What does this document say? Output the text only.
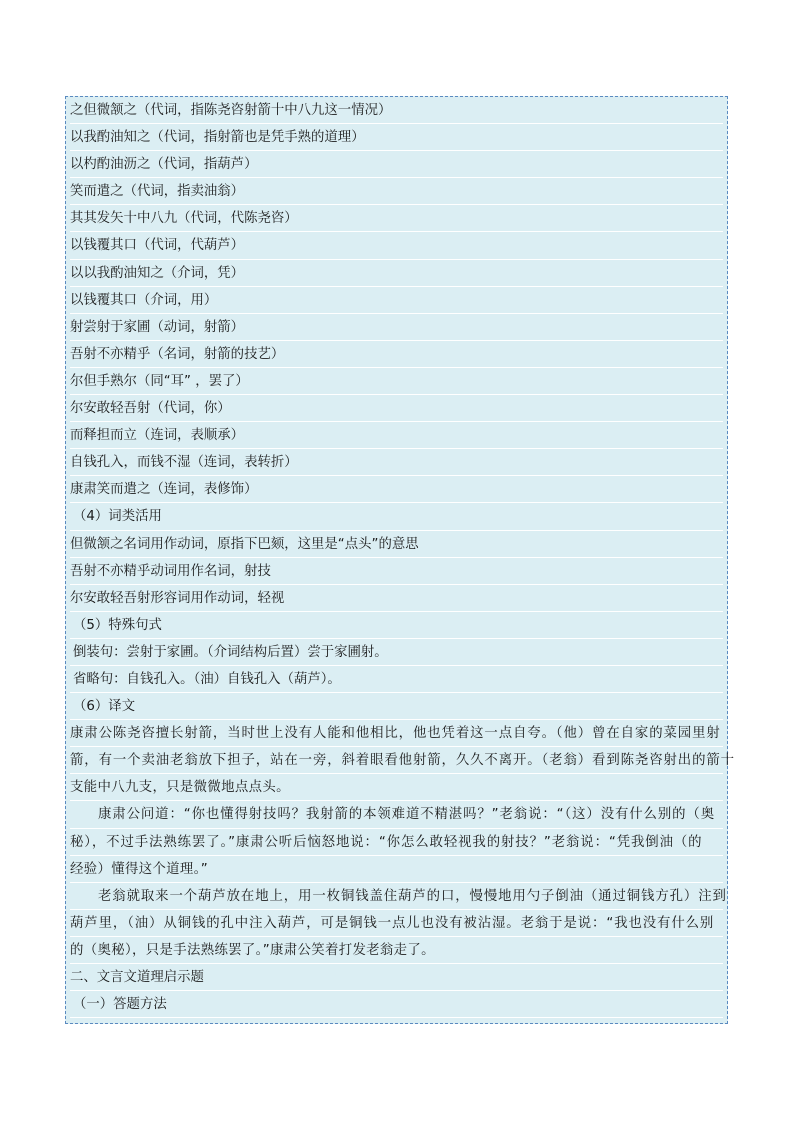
之但微颔之（代词，指陈尧咨射箭十中八九这一情况）
以我酌油知之（代词，指射箭也是凭手熟的道理）
以杓酌油沥之（代词，指葫芦）
笑而遣之（代词，指卖油翁）
其其发矢十中八九（代词，代陈尧咨）
以钱覆其口（代词，代葫芦）
以以我酌油知之（介词，凭）
以钱覆其口（介词，用）
射尝射于家圃（动词，射箭）
吾射不亦精乎（名词，射箭的技艺）
尔但手熟尔（同“耳” ，罢了）
尔安敢轻吾射（代词，你）
而释担而立（连词，表顺承）
自钱孔入，而钱不湿（连词，表转折）
康肃笑而遣之（连词，表修饰）
（4）词类活用
但微颔之名词用作动词，原指下巴颏，这里是“点头”的意思
吾射不亦精乎动词用作名词，射技
尔安敢轻吾射形容词用作动词，轻视
（5）特殊句式
倒装句：尝射于家圃。（介词结构后置）尝于家圃射。
省略句：自钱孔入。（油）自钱孔入（葫芦）。
（6）译文
康肃公陈尧咨擅长射箭，当时世上没有人能和他相比，他也凭着这一点自夸。（他）曾在自家的菜园里射
箭，有一个卖油老翁放下担子，站在一旁，斜着眼看他射箭，久久不离开。（老翁）看到陈尧咨射出的箭十
支能中八九支，只是微微地点点头。
康肃公问道：“你也懂得射技吗？我射箭的本领难道不精湛吗？”老翁说：“（这）没有什么别的（奥
秘），不过手法熟练罢了。”康肃公听后恼怒地说：“你怎么敢轻视我的射技？”老翁说：“凭我倒油（的
经验）懂得这个道理。”
老翁就取来一个葫芦放在地上，用一枚铜钱盖住葫芦的口，慢慢地用勺子倒油（通过铜钱方孔）注到
葫芦里，（油）从铜钱的孔中注入葫芦，可是铜钱一点儿也没有被沾湿。老翁于是说：“我也没有什么别
的（奥秘），只是手法熟练罢了。”康肃公笑着打发老翁走了。
二、文言文道理启示题
（一）答题方法
